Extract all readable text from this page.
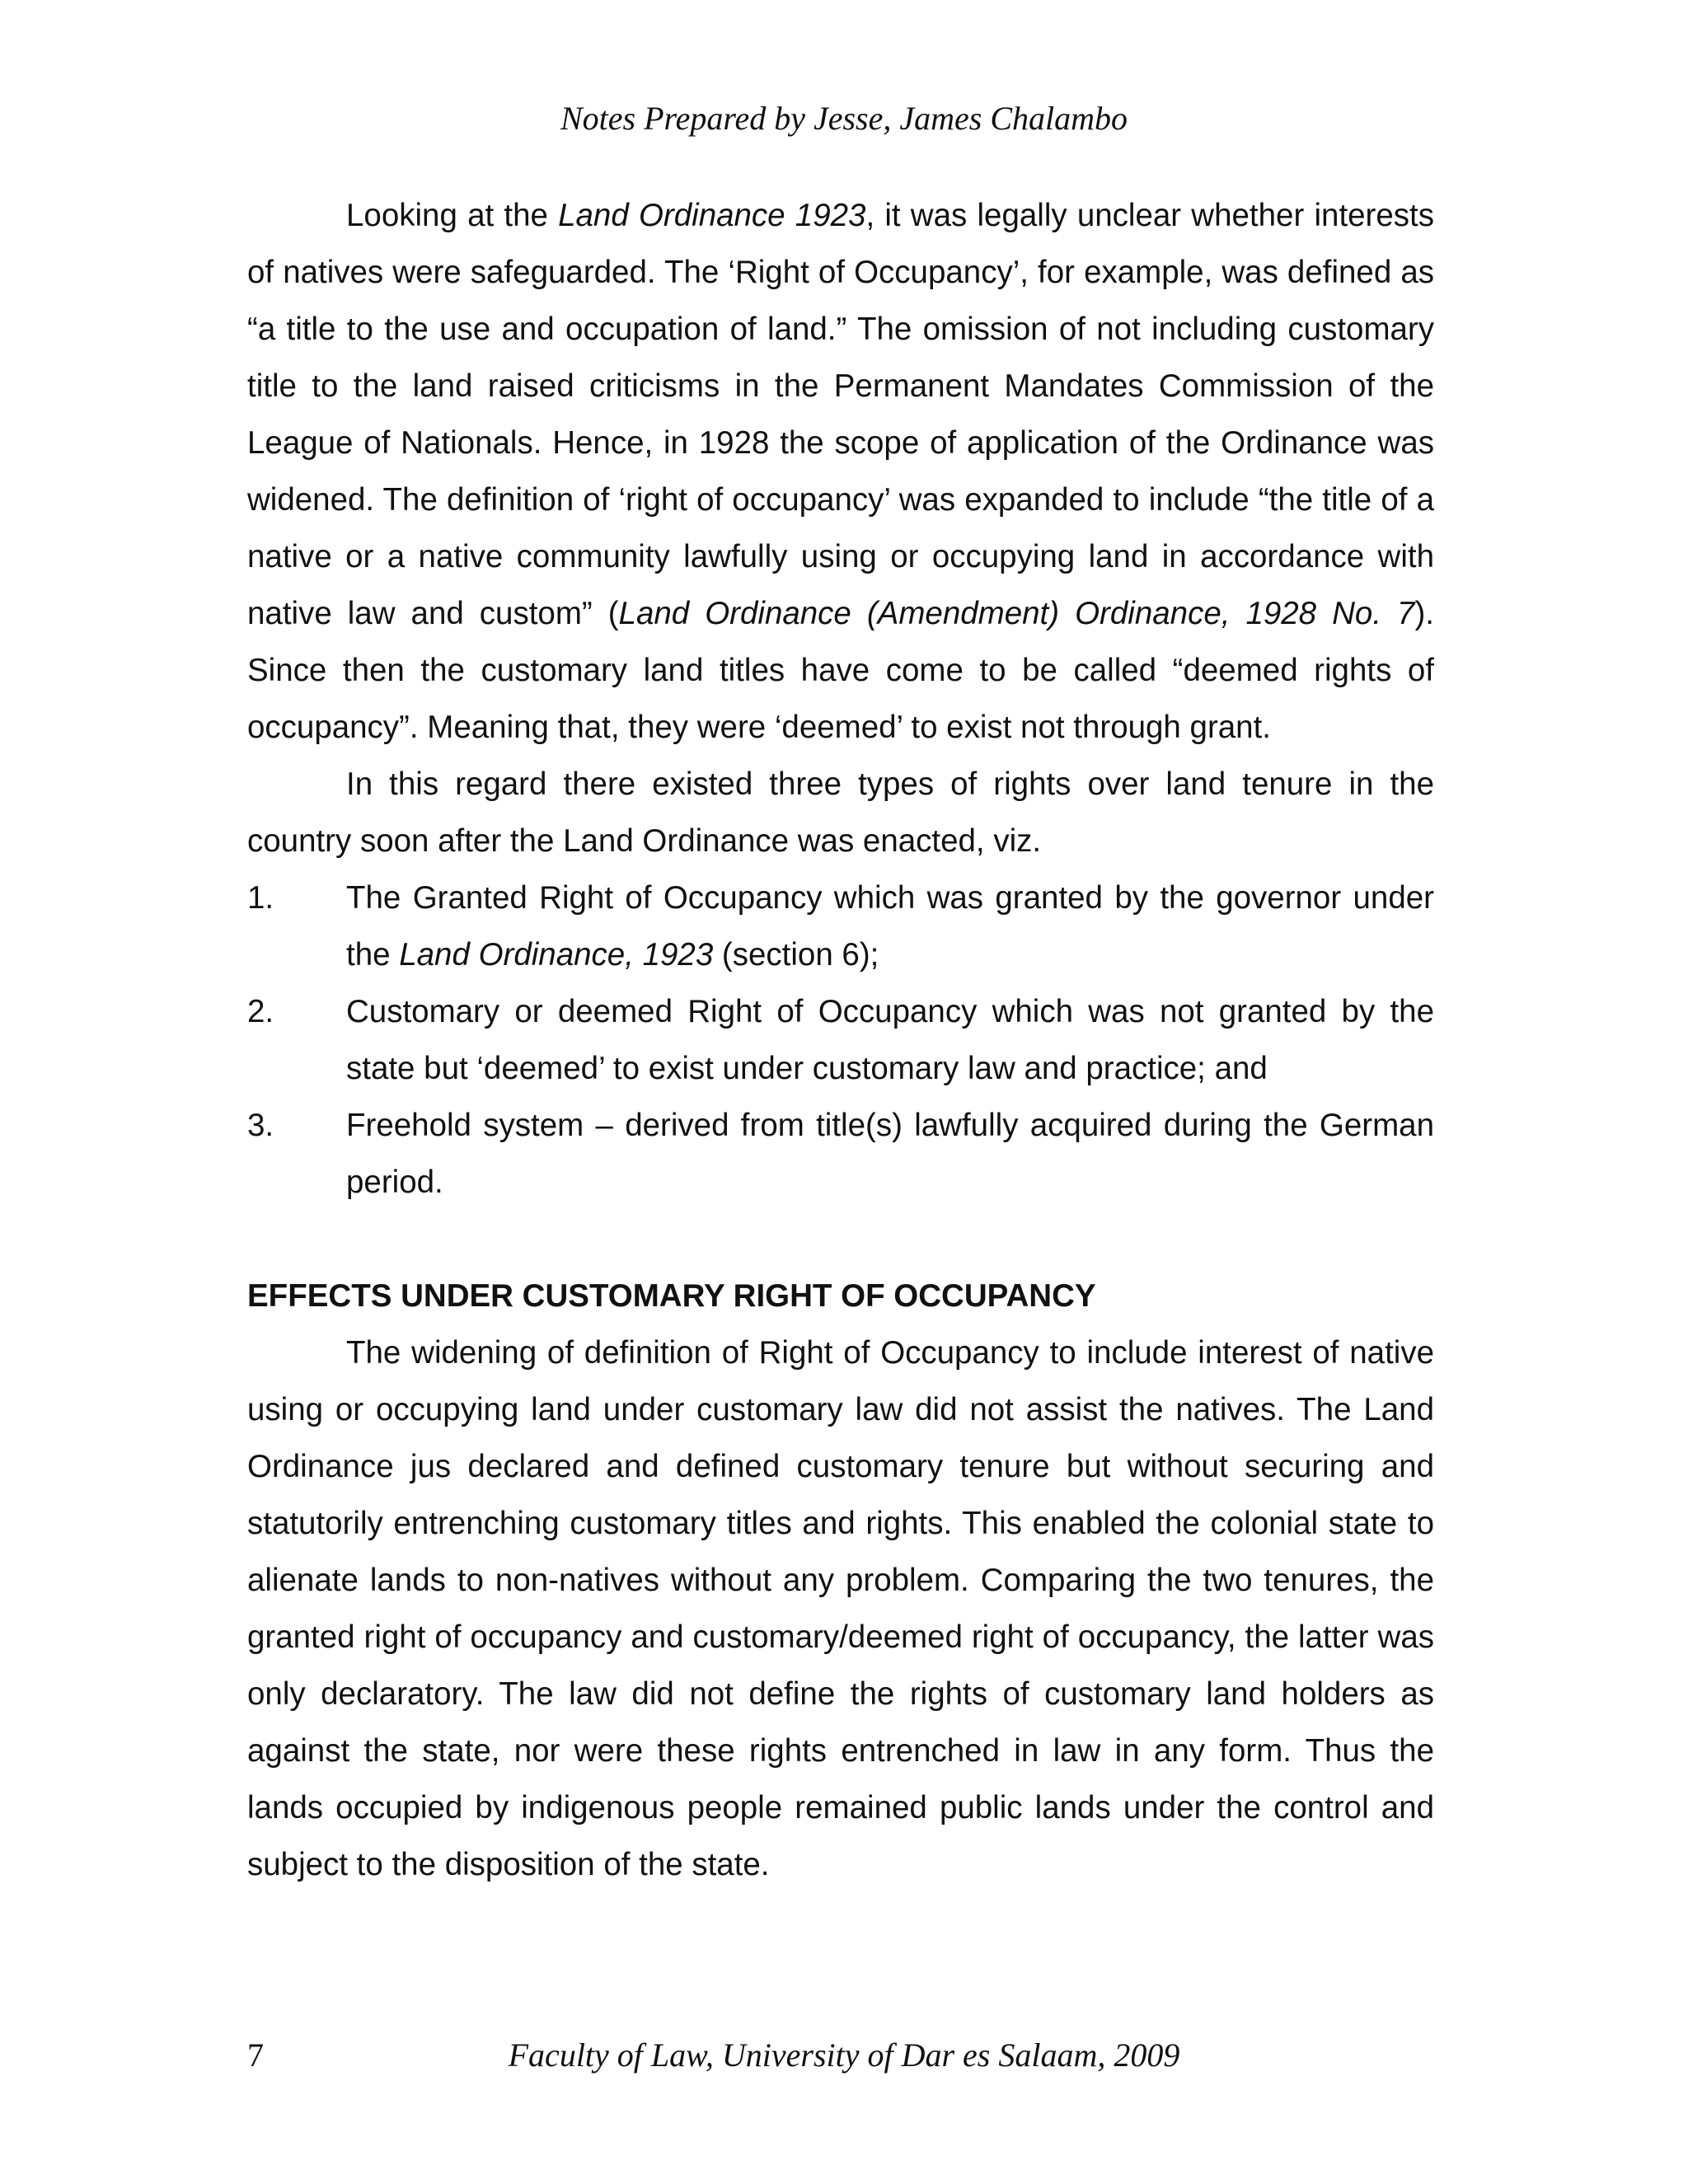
Notes Prepared by Jesse, James Chalambo

Looking at the Land Ordinance 1923, it was legally unclear whether interests of natives were safeguarded. The ‘Right of Occupancy’, for example, was defined as “a title to the use and occupation of land.” The omission of not including customary title to the land raised criticisms in the Permanent Mandates Commission of the League of Nationals. Hence, in 1928 the scope of application of the Ordinance was widened. The definition of ‘right of occupancy’ was expanded to include “the title of a native or a native community lawfully using or occupying land in accordance with native law and custom” (Land Ordinance (Amendment) Ordinance, 1928 No. 7). Since then the customary land titles have come to be called “deemed rights of occupancy”. Meaning that, they were ‘deemed’ to exist not through grant.

In this regard there existed three types of rights over land tenure in the country soon after the Land Ordinance was enacted, viz.

1.	The Granted Right of Occupancy which was granted by the governor under the Land Ordinance, 1923 (section 6);
2.	Customary or deemed Right of Occupancy which was not granted by the state but ‘deemed’ to exist under customary law and practice; and
3.	Freehold system – derived from title(s) lawfully acquired during the German period.
EFFECTS UNDER CUSTOMARY RIGHT OF OCCUPANCY

The widening of definition of Right of Occupancy to include interest of native using or occupying land under customary law did not assist the natives. The Land Ordinance jus declared and defined customary tenure but without securing and statutorily entrenching customary titles and rights. This enabled the colonial state to alienate lands to non-natives without any problem. Comparing the two tenures, the granted right of occupancy and customary/deemed right of occupancy, the latter was only declaratory. The law did not define the rights of customary land holders as against the state, nor were these rights entrenched in law in any form. Thus the lands occupied by indigenous people remained public lands under the control and subject to the disposition of the state.

7	Faculty of Law, University of Dar es Salaam, 2009
